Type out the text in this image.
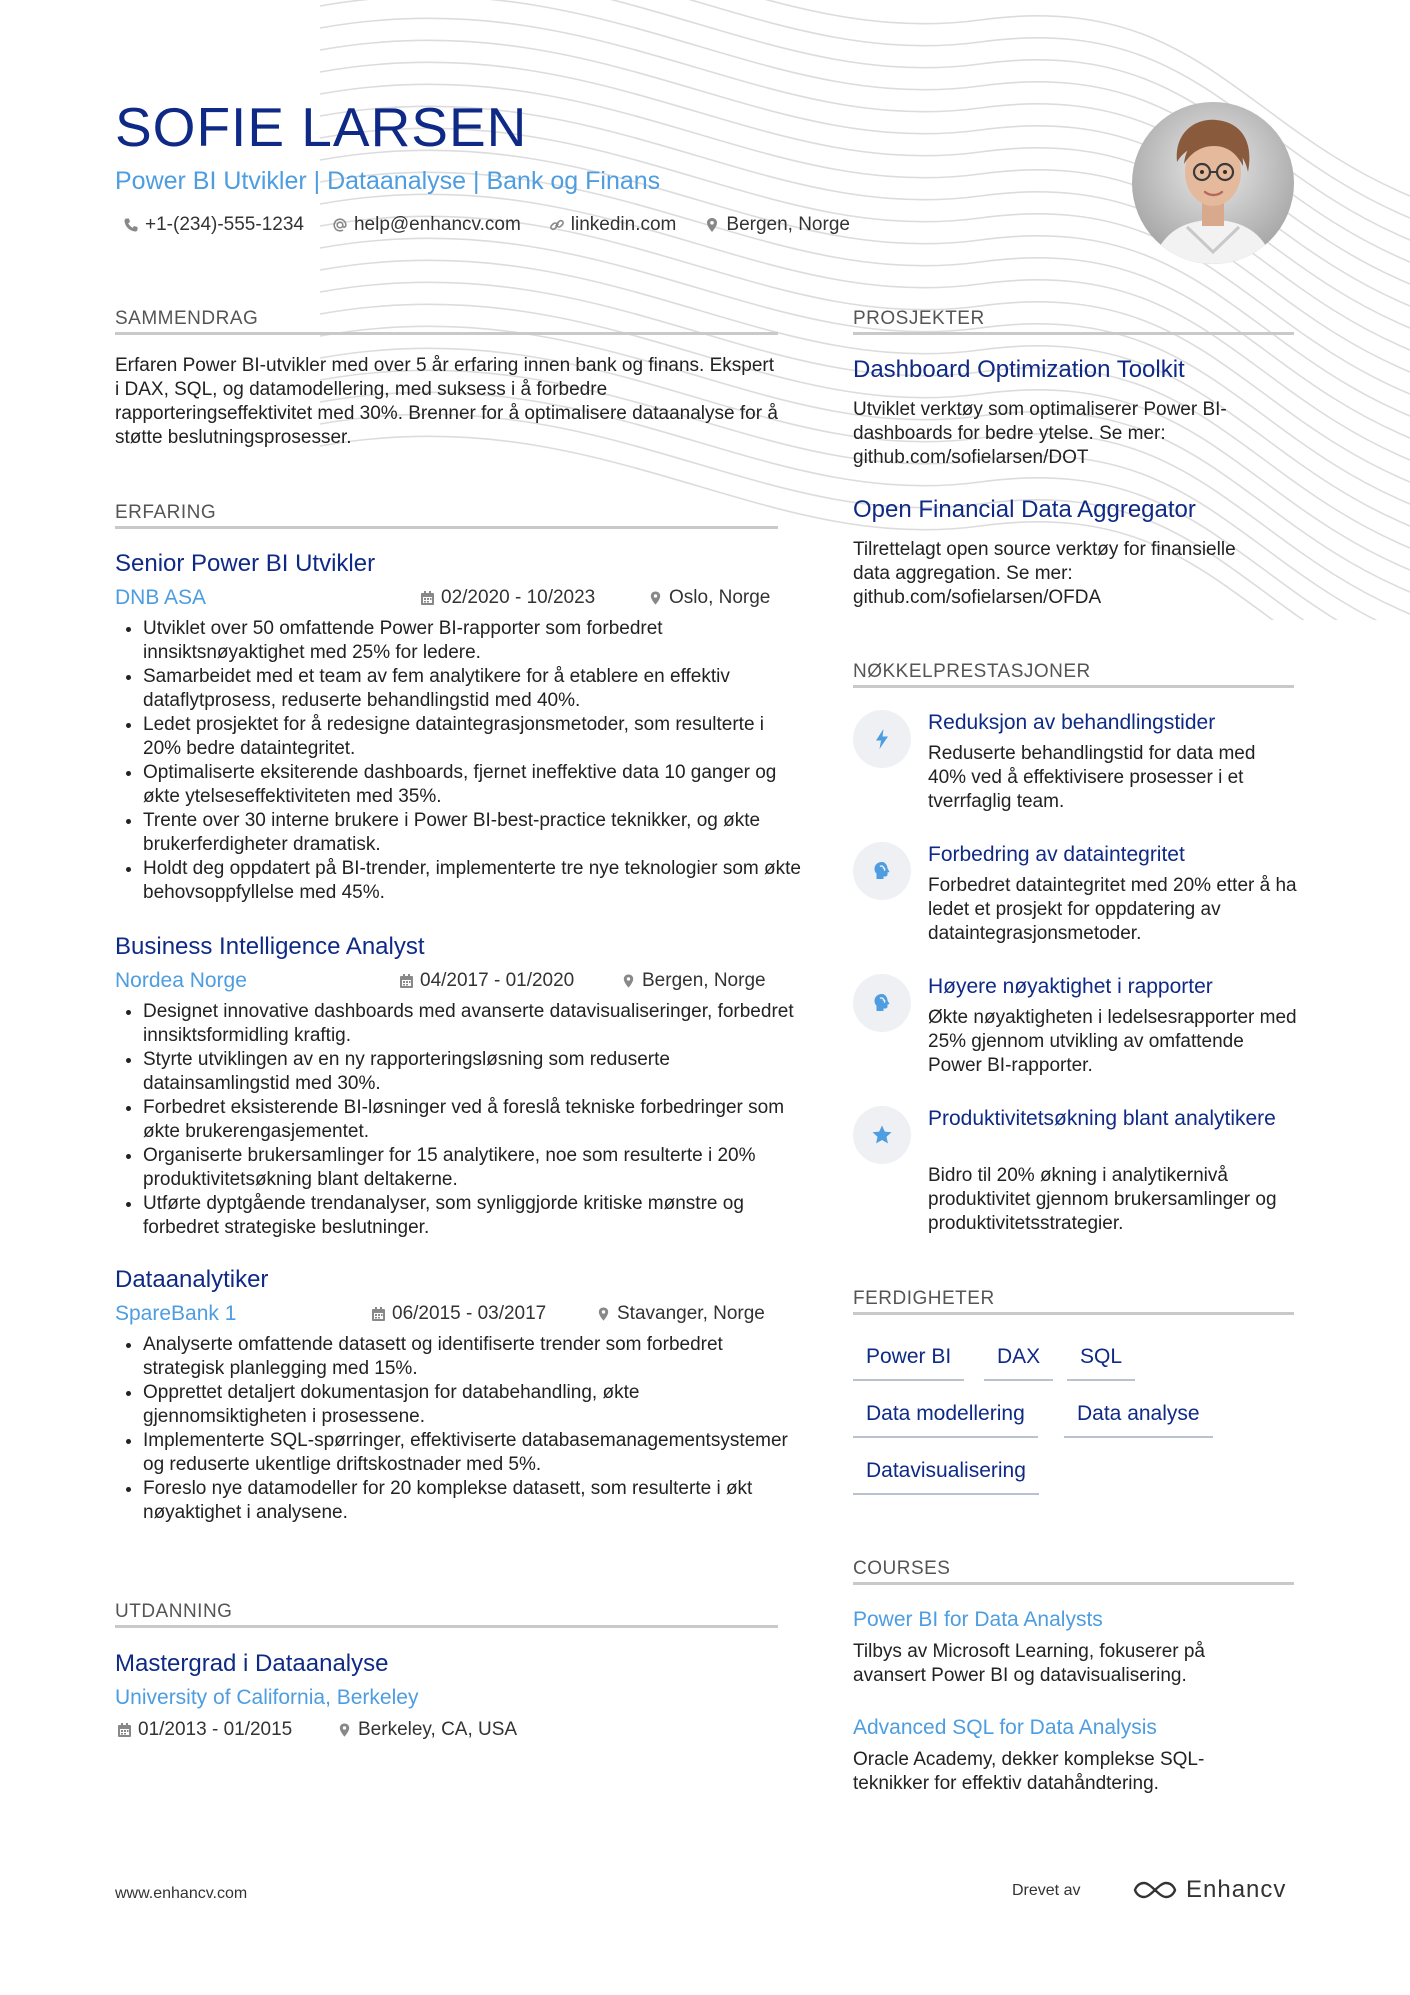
SOFIE LARSEN
Power BI Utvikler | Dataanalyse | Bank og Finans
+1-(234)-555-1234	help@enhancv.com	linkedin.com	Bergen, Norge
SAMMENDRAG
Erfaren Power BI-utvikler med over 5 år erfaring innen bank og finans. Ekspert i DAX, SQL, og datamodellering, med suksess i å forbedre rapporteringseffektivitet med 30%. Brenner for å optimalisere dataanalyse for å støtte beslutningsprosesser.
ERFARING
Senior Power BI Utvikler
DNB ASA	02/2020 - 10/2023	Oslo, Norge
• Utviklet over 50 omfattende Power BI-rapporter som forbedret innsiktsnøyaktighet med 25% for ledere.
• Samarbeidet med et team av fem analytikere for å etablere en effektiv dataflytprosess, reduserte behandlingstid med 40%.
• Ledet prosjektet for å redesigne dataintegrasjonsmetoder, som resulterte i 20% bedre dataintegritet.
• Optimaliserte eksiterende dashboards, fjernet ineffektive data 10 ganger og økte ytelseseffektiviteten med 35%.
• Trente over 30 interne brukere i Power BI-best-practice teknikker, og økte brukerferdigheter dramatisk.
• Holdt deg oppdatert på BI-trender, implementerte tre nye teknologier som økte behovsoppfyllelse med 45%.
Business Intelligence Analyst
Nordea Norge	04/2017 - 01/2020	Bergen, Norge
• Designet innovative dashboards med avanserte datavisualiseringer, forbedret innsiktsformidling kraftig.
• Styrte utviklingen av en ny rapporteringsløsning som reduserte datainsamlingstid med 30%.
• Forbedret eksisterende BI-løsninger ved å foreslå tekniske forbedringer som økte brukerengasjementet.
• Organiserte brukersamlinger for 15 analytikere, noe som resulterte i 20% produktivitetsøkning blant deltakerne.
• Utførte dyptgående trendanalyser, som synliggjorde kritiske mønstre og forbedret strategiske beslutninger.
Dataanalytiker
SpareBank 1	06/2015 - 03/2017	Stavanger, Norge
• Analyserte omfattende datasett og identifiserte trender som forbedret strategisk planlegging med 15%.
• Opprettet detaljert dokumentasjon for databehandling, økte gjennomsiktigheten i prosessene.
• Implementerte SQL-spørringer, effektiviserte databasemanagementsystemer og reduserte ukentlige driftskostnader med 5%.
• Foreslo nye datamodeller for 20 komplekse datasett, som resulterte i økt nøyaktighet i analysene.
UTDANNING
Mastergrad i Dataanalyse
University of California, Berkeley
01/2013 - 01/2015	Berkeley, CA, USA
PROSJEKTER
Dashboard Optimization Toolkit
Utviklet verktøy som optimaliserer Power BI-dashboards for bedre ytelse. Se mer: github.com/sofielarsen/DOT
Open Financial Data Aggregator
Tilrettelagt open source verktøy for finansielle data aggregation. Se mer: github.com/sofielarsen/OFDA
NØKKELPRESTASJONER
Reduksjon av behandlingstider
Reduserte behandlingstid for data med 40% ved å effektivisere prosesser i et tverrfaglig team.
Forbedring av dataintegritet
Forbedret dataintegritet med 20% etter å ha ledet et prosjekt for oppdatering av dataintegrasjonsmetoder.
Høyere nøyaktighet i rapporter
Økte nøyaktigheten i ledelsesrapporter med 25% gjennom utvikling av omfattende Power BI-rapporter.
Produktivitetsøkning blant analytikere
Bidro til 20% økning i analytikernivå produktivitet gjennom brukersamlinger og produktivitetsstrategier.
FERDIGHETER
Power BI	DAX	SQL
Data modellering	Data analyse
Datavisualisering
COURSES
Power BI for Data Analysts
Tilbys av Microsoft Learning, fokuserer på avansert Power BI og datavisualisering.
Advanced SQL for Data Analysis
Oracle Academy, dekker komplekse SQL-teknikker for effektiv datahåndtering.
www.enhancv.com	Drevet av	Enhancv
